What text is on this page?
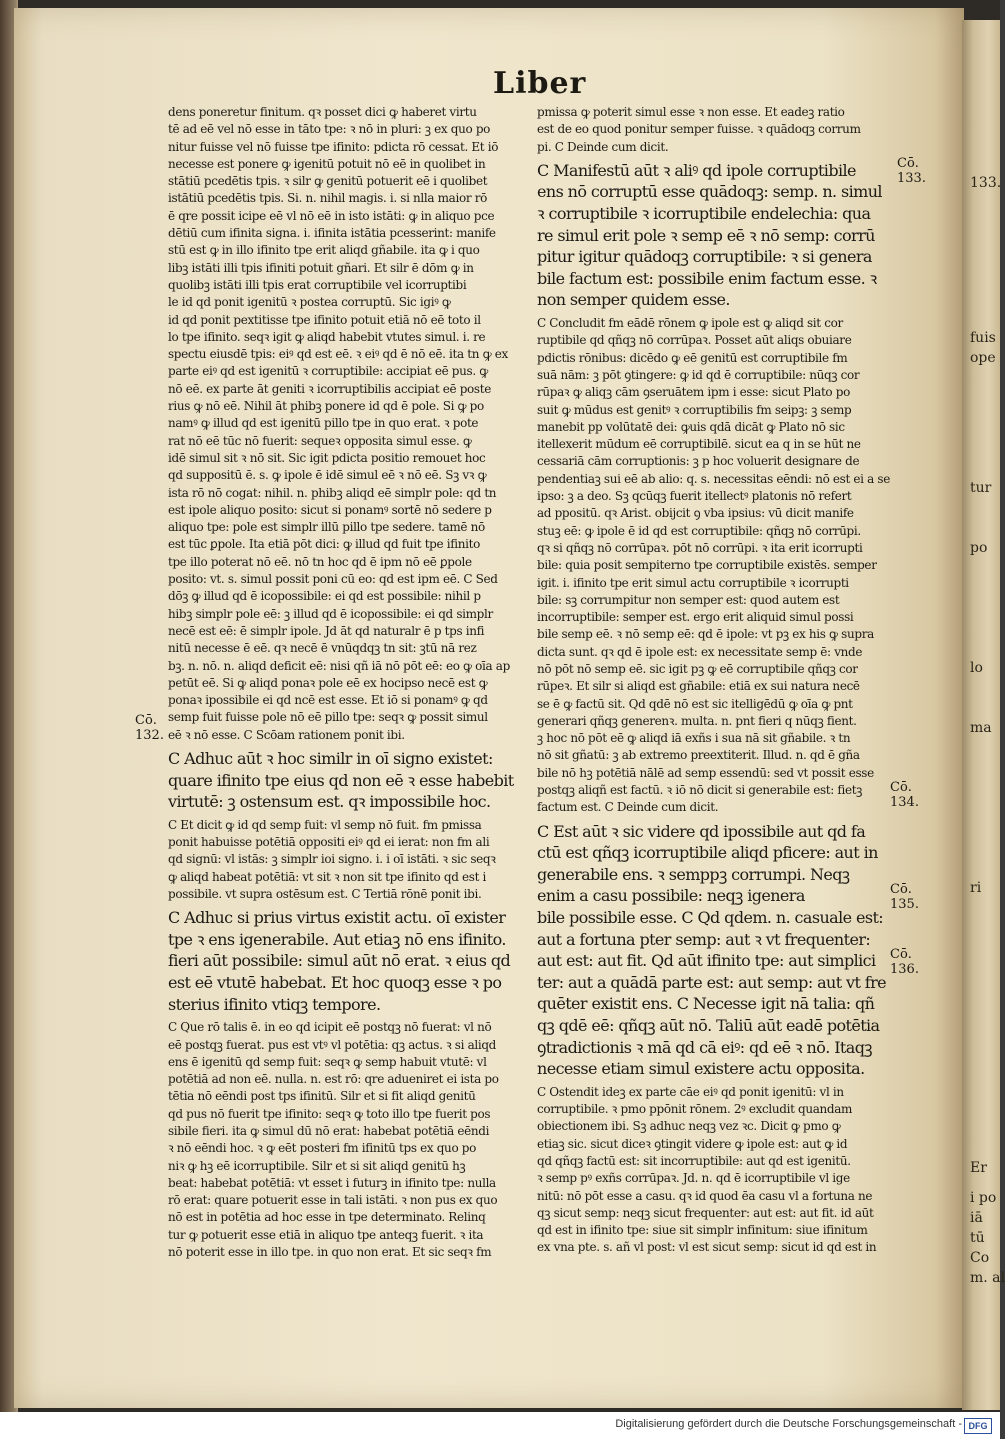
133.
fuis
ope
tur
po
lo
ma
ri
Er
i po
iā
tū
Co
m. al
Liber
dens poneretur finitum. qꝛ posset dici ꝙ haberet virtu
tē ad eē vel nō esse in tāto tpe: ꝛ nō in pluri: ꝫ ex quo po
nitur fuisse vel nō fuisse tpe ifinito: pdicta rō cessat. Et iō
necesse est ponere ꝙ igenitū potuit nō eē in quolibet in
stātiū pcedētis tpis. ꝛ silr ꝙ genitū potuerit eē i quolibet
istātiū pcedētis tpis. Si. n. nihil magis. i. si nlla maior rō
ē qre possit icipe eē vl nō eē in isto istāti: ꝙ in aliquo pce
dētiū cum ifinita signa. i. ifinita istātia pcesserint: manife
stū est ꝙ in illo ifinito tpe erit aliqd gñabile. ita ꝙ i quo
libꝫ istāti illi tpis ifiniti potuit gñari. Et silr ē dōm ꝙ in
quolibꝫ istāti illi tpis erat corruptibile vel icorruptibi
le id qd ponit igenitū ꝛ postea corruptū. Sic igiꝰ ꝙ
id qd ponit pextitisse tpe ifinito potuit etiā nō eē toto il
lo tpe ifinito. seqꝛ igit ꝙ aliqd habebit vtutes simul. i. re
spectu eiusdē tpis: eiꝰ qd est eē. ꝛ eiꝰ qd ē nō eē. ita tn ꝙ ex
parte eiꝰ qd est igenitū ꝛ corruptibile: accipiat eē pus. ꝙ
nō eē. ex parte āt geniti ꝛ icorruptibilis accipiat eē poste
rius ꝙ nō eē. Nihil āt phibꝫ ponere id qd ē pole. Si ꝙ po
namꝰ ꝙ illud qd est igenitū pillo tpe in quo erat. ꝛ pote
rat nō eē tūc nō fuerit: sequeꝛ opposita simul esse. ꝙ
idē simul sit ꝛ nō sit. Sic igit pdicta positio remouet hoc
qd suppositū ē. s. ꝙ ipole ē idē simul eē ꝛ nō eē. Sꝫ vꝛ ꝙ
ista rō nō cogat: nihil. n. phibꝫ aliqd eē simplr pole: qd tn
est ipole aliquo posito: sicut si ponamꝰ sortē nō sedere p
aliquo tpe: pole est simplr illū pillo tpe sedere. tamē nō
est tūc ꝑpole. Ita etiā pōt dici: ꝙ illud qd fuit tpe ifinito
tpe illo poterat nō eē. nō tn hoc qd ē ipm nō eē ꝑpole
posito: vt. s. simul possit poni cū eo: qd est ipm eē. C Sed
dōꝫ ꝙ illud qd ē icopossibile: ei qd est possibile: nihil p
hibꝫ simplr pole eē: ꝫ illud qd ē icopossibile: ei qd simplr
necē est eē: ē simplr ipole. Jd āt qd naturalr ē p tps infi
nitū necesse ē eē. qꝛ necē ē vnūqdqꝫ tn sit: ꝫtū nā rez
bꝫ. n. nō. n. aliqd deficit eē: nisi qñ iā nō pōt eē: eo ꝙ oīa ap
petūt eē. Si ꝙ aliqd ponaꝛ pole eē ex hocipso necē est ꝙ
ponaꝛ ipossibile ei qd ncē est esse. Et iō si ponamꝰ ꝙ qd
semp fuit fuisse pole nō eē pillo tpe: seqꝛ ꝙ possit simul
eē ꝛ nō esse. C Scōam rationem ponit ibi.
C Adhuc aūt ꝛ hoc similr in oī signo existet:
quare ifinito tpe eius qd non eē ꝛ esse habebit
virtutē: ꝫ ostensum est. qꝛ impossibile hoc.
C Et dicit ꝙ id qd semp fuit: vl semp nō fuit. fm pmissa
ponit habuisse potētiā oppositi eiꝰ qd ei ierat: non fm ali
qd signū: vl istās: ꝫ simplr ioi signo. i. i oī istāti. ꝛ sic seqꝛ
ꝙ aliqd habeat potētiā: vt sit ꝛ non sit tpe ifinito qd est i
possibile. vt supra ostēsum est. C Tertiā rōnē ponit ibi.
C Adhuc si prius virtus existit actu. oī exister
tpe ꝛ ens igenerabile. Aut etiaꝫ nō ens ifinito.
fieri aūt possibile: simul aūt nō erat. ꝛ eius qd
est eē vtutē habebat. Et hoc quoqꝫ esse ꝛ po
sterius ifinito vtiqꝫ tempore.
C Que rō talis ē. in eo qd icipit eē postqꝫ nō fuerat: vl nō
eē postqꝫ fuerat. pus est vtꝰ vl potētia: qꝫ actus. ꝛ si aliqd
ens ē igenitū qd semp fuit: seqꝛ ꝙ semp habuit vtutē: vl
potētiā ad non eē. nulla. n. est rō: qre adueniret ei ista po
tētia nō eēndi post tps ifinitū. Silr et si fit aliqd genitū
qd pus nō fuerit tpe ifinito: seqꝛ ꝙ toto illo tpe fuerit pos
sibile fieri. ita ꝙ simul dū nō erat: habebat potētiā eēndi
ꝛ nō eēndi hoc. ꝛ ꝙ eēt posteri fm ifinitū tps ex quo po
niꝛ ꝙ hꝫ eē icorruptibile. Silr et si sit aliqd genitū hꝫ
beat: habebat potētiā: vt esset i futurꝫ in ifinito tpe: nulla
rō erat: quare potuerit esse in tali istāti. ꝛ non pus ex quo
nō est in potētia ad hoc esse in tpe determinato. Relinq
tur ꝙ potuerit esse etiā in aliquo tpe anteqꝫ fuerit. ꝛ ita
nō poterit esse in illo tpe. in quo non erat. Et sic seqꝛ fm
pmissa ꝙ poterit simul esse ꝛ non esse. Et eadeꝫ ratio
est de eo quod ponitur semper fuisse. ꝛ quādoqꝫ corrum
pi. C Deinde cum dicit.
C Manifestū aūt ꝛ aliꝰ qd ipole corruptibile
ens nō corruptū esse quādoqꝫ: semp. n. simul
ꝛ corruptibile ꝛ icorruptibile endelechia: qua
re simul erit pole ꝛ semp eē ꝛ nō semp: corrū
pitur igitur quādoqꝫ corruptibile: ꝛ si genera
bile factum est: possibile enim factum esse. ꝛ
non semper quidem esse.
C Concludit fm eādē rōnem ꝙ ipole est ꝙ aliqd sit cor
ruptibile qd qñqꝫ nō corrūpaꝛ. Posset aūt aliqs obuiare
pdictis rōnibus: dicēdo ꝙ eē genitū est corruptibile fm
suā nām: ꝫ pōt ꝯtingere: ꝙ id qd ē corruptibile: nūqꝫ cor
rūpaꝛ ꝙ aliqꝫ cām ꝯseruātem ipm i esse: sicut Plato po
suit ꝙ mūdus est genitꝰ ꝛ corruptibilis fm seipꝫ: ꝫ semp
manebit pp volūtatē dei: ꝙuis qdā dicāt ꝙ Plato nō sic
itellexerit mūdum eē corruptibilē. sicut ea q in se hūt ne
cessariā cām corruptionis: ꝫ p hoc voluerit designare de
pendentiaꝫ sui eē ab alio: q. s. necessitas eēndi: nō est ei a se
ipso: ꝫ a deo. Sꝫ qcūqꝫ fuerit itellectꝰ platonis nō refert
ad ppositū. qꝛ Arist. obijcit ꝯ vba ipsius: vū dicit manife
stuꝫ eē: ꝙ ipole ē id qd est corruptibile: qñqꝫ nō corrūpi.
qꝛ si qñqꝫ nō corrūpaꝛ. pōt nō corrūpi. ꝛ ita erit icorrupti
bile: quia posit sempiterno tpe corruptibile existēs. semper
igit. i. ifinito tpe erit simul actu corruptibile ꝛ icorrupti
bile: sꝫ corrumpitur non semper est: quod autem est
incorruptibile: semper est. ergo erit aliquid simul possi
bile semp eē. ꝛ nō semp eē: qd ē ipole: vt pꝫ ex his ꝙ supra
dicta sunt. qꝛ qd ē ipole est: ex necessitate semp ē: vnde
nō pōt nō semp eē. sic igit pꝫ ꝙ eē corruptibile qñqꝫ cor
rūpeꝛ. Et silr si aliqd est gñabile: etiā ex sui natura necē
se ē ꝙ factū sit. Qd qdē nō est sic itelligēdū ꝙ oīa ꝙ pnt
generari qñqꝫ generenꝛ. multa. n. pnt fieri q nūqꝫ fient.
ꝫ hoc nō pōt eē ꝙ aliqd iā exñs i sua nā sit gñabile. ꝛ tn
nō sit gñatū: ꝫ ab extremo preextiterit. Illud. n. qd ē gña
bile nō hꝫ potētiā nālē ad semp essendū: sed vt possit esse
postqꝫ aliqñ est factū. ꝛ iō nō dicit si generabile est: fietꝫ
factum est. C Deinde cum dicit.
C Est aūt ꝛ sic videre qd ipossibile aut qd fa
ctū est qñqꝫ icorruptibile aliqd pficere: aut in
generabile ens. ꝛ semppꝫ corrumpi. Neqꝫ
enim a casu possibile: neqꝫ igenera
bile possibile esse. C Qd qdem. n. casuale est:
aut a fortuna pter semp: aut ꝛ vt frequenter:
aut est: aut fit. Qd aūt ifinito tpe: aut simplici
ter: aut a quādā parte est: aut semp: aut vt fre
quēter existit ens. C Necesse igit nā talia: qñ
qꝫ qdē eē: qñqꝫ aūt nō. Taliū aūt eadē potētia
ꝯtradictionis ꝛ mā qd cā eiꝰ: qd eē ꝛ nō. Itaqꝫ
necesse etiam simul existere actu opposita.
C Ostendit ideꝫ ex parte cāe eiꝰ qd ponit igenitū: vl in
corruptibile. ꝛ pmo ppōnit rōnem. 2ꝰ excludit quandam
obiectionem ibi. Sꝫ adhuc neqꝫ vez ꝛc. Dicit ꝙ pmo ꝙ
etiaꝫ sic. sicut diceꝛ ꝯtingit videre ꝙ ipole est: aut ꝙ id
qd qñqꝫ factū est: sit incorruptibile: aut qd est igenitū.
ꝛ semp pꝰ exñs corrūpaꝛ. Jd. n. qd ē icorruptibile vl ige
nitū: nō pōt esse a casu. qꝛ id quod ēa casu vl a fortuna ne
qꝫ sicut semp: neqꝫ sicut frequenter: aut est: aut fit. id aūt
qd est in ifinito tpe: siue sit simplr infinitum: siue ifinitum
ex vna pte. s. añ vl post: vl est sicut semp: sicut id qd est in
Cō.
132.
Cō.
133.
Cō.
134.
Cō.
135.
Cō.
136.
Digitalisierung gefördert durch die Deutsche Forschungsgemeinschaft - DFG
